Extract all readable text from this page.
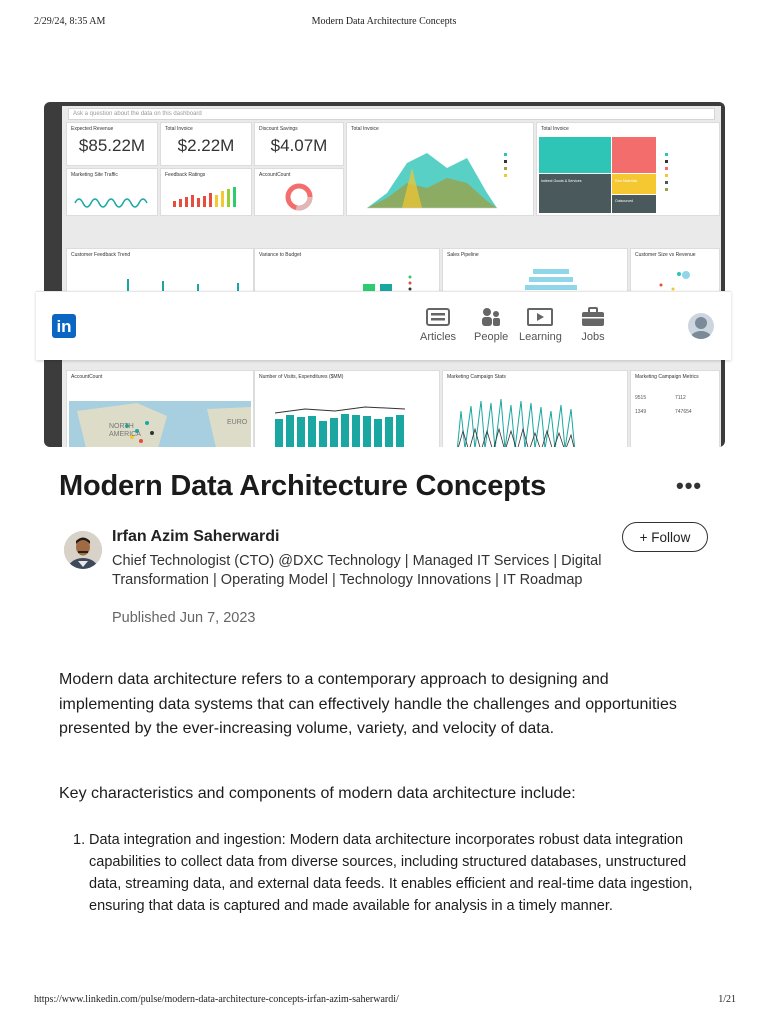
2/29/24, 8:35 AM	Modern Data Architecture Concepts
Ask a question about the data on this dashboard
Expected Revenue
$85.22M
Total Invoice
$2.22M
Discount Savings
$4.07M
Total Invoice	Total Invoice
Indirect Goods & Services
Outsourced
Raw Materials
Marketing Site Traffic	Feedback Ratings	AccountCount
Customer Feedback Trend	Variance to Budget	Sales Pipeline	Customer Size vs Revenue
AccountCount
NORTH
AMERICA
EURO
Number of Visits, Expenditures ($MM)	Marketing Campaign Stats	Marketing Campaign Metrics
9515	7112
1349	747654
in
Articles People Learning Jobs
Modern Data Architecture Concepts	•••
Irfan Azim Saherwardi
Chief Technologist (CTO) @DXC Technology | Managed IT Services | Digital Transformation | Operating Model | Technology Innovations | IT Roadmap
Published Jun 7, 2023
+ Follow
Modern data architecture refers to a contemporary approach to designing and implementing data systems that can effectively handle the challenges and opportunities presented by the ever-increasing volume, variety, and velocity of data.
Key characteristics and components of modern data architecture include:
1. Data integration and ingestion: Modern data architecture incorporates robust data integration capabilities to collect data from diverse sources, including structured databases, unstructured data, streaming data, and external data feeds. It enables efficient and real-time data ingestion, ensuring that data is captured and made available for analysis in a timely manner.
https://www.linkedin.com/pulse/modern-data-architecture-concepts-irfan-azim-saherwardi/	1/21
